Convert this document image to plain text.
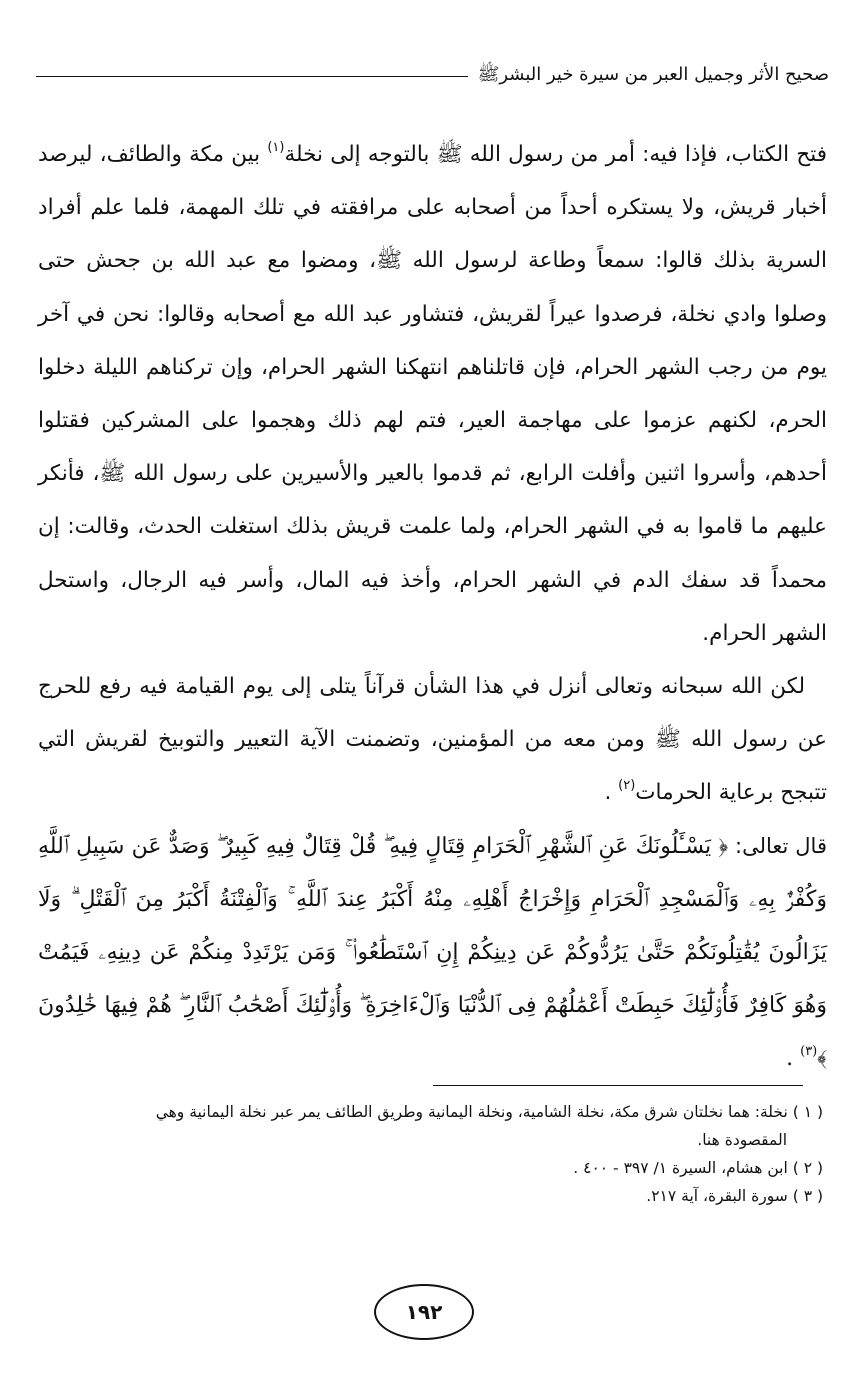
صحيح الأثر وجميل العبر من سيرة خير البشرﷺ

فتح الكتاب، فإذا فيه: أمر من رسول الله ﷺ بالتوجه إلى نخلة$^{(١)}$ بين مكة والطائف، ليرصد أخبار قريش، ولا يستكره أحداً من أصحابه على مرافقته في تلك المهمة، فلما علم أفراد السرية بذلك قالوا: سمعاً وطاعة لرسول الله ﷺ، ومضوا مع عبد الله بن جحش حتى وصلوا وادي نخلة، فرصدوا عيراً لقريش، فتشاور عبد الله مع أصحابه وقالوا: نحن في آخر يوم من رجب الشهر الحرام، فإن قاتلناهم انتهكنا الشهر الحرام، وإن تركناهم الليلة دخلوا الحرم، لكنهم عزموا على مهاجمة العير، فتم لهم ذلك وهجموا على المشركين فقتلوا أحدهم، وأسروا اثنين وأفلت الرابع، ثم قدموا بالعير والأسيرين على رسول الله ﷺ، فأنكر عليهم ما قاموا به في الشهر الحرام، ولما علمت قريش بذلك استغلت الحدث، وقالت: إن محمداً قد سفك الدم في الشهر الحرام، وأخذ فيه المال، وأسر فيه الرجال، واستحل الشهر الحرام.

لكن الله سبحانه وتعالى أنزل في هذا الشأن قرآناً يتلى إلى يوم القيامة فيه رفع للحرج عن رسول الله ﷺ ومن معه من المؤمنين، وتضمنت الآية التعيير والتوبيخ لقريش التي تتبجح برعاية الحرمات$^{(٢)}$ .

قال تعالى: ﴿ يَسْـَٔلُونَكَ عَنِ ٱلشَّهْرِ ٱلْحَرَامِ قِتَالٍ فِيهِ ۖ قُلْ قِتَالٌ فِيهِ كَبِيرٌ ۖ وَصَدٌّ عَن سَبِيلِ ٱللَّهِ وَكُفْرٌۢ بِهِۦ وَٱلْمَسْجِدِ ٱلْحَرَامِ وَإِخْرَاجُ أَهْلِهِۦ مِنْهُ أَكْبَرُ عِندَ ٱللَّهِ ۚ وَٱلْفِتْنَةُ أَكْبَرُ مِنَ ٱلْقَتْلِ ۗ وَلَا يَزَالُونَ يُقَٰتِلُونَكُمْ حَتَّىٰ يَرُدُّوكُمْ عَن دِينِكُمْ إِنِ ٱسْتَطَٰعُوا۟ ۚ وَمَن يَرْتَدِدْ مِنكُمْ عَن دِينِهِۦ فَيَمُتْ وَهُوَ كَافِرٌ فَأُو۟لَٰٓئِكَ حَبِطَتْ أَعْمَٰلُهُمْ فِى ٱلدُّنْيَا وَٱلْءَاخِرَةِ ۖ وَأُو۟لَٰٓئِكَ أَصْحَٰبُ ٱلنَّارِ ۖ هُمْ فِيهَا خَٰلِدُونَ ﴾$^{(٣)}$ .

( ١ ) نخلة: هما نخلتان شرق مكة، نخلة الشامية، ونخلة اليمانية وطريق الطائف يمر عبر نخلة اليمانية وهي

المقصودة هنا.

( ٢ ) ابن هشام، السيرة ١/ ٣٩٧ - ٤٠٠ .

( ٣ ) سورة البقرة، آية ٢١٧.

١٩٢
